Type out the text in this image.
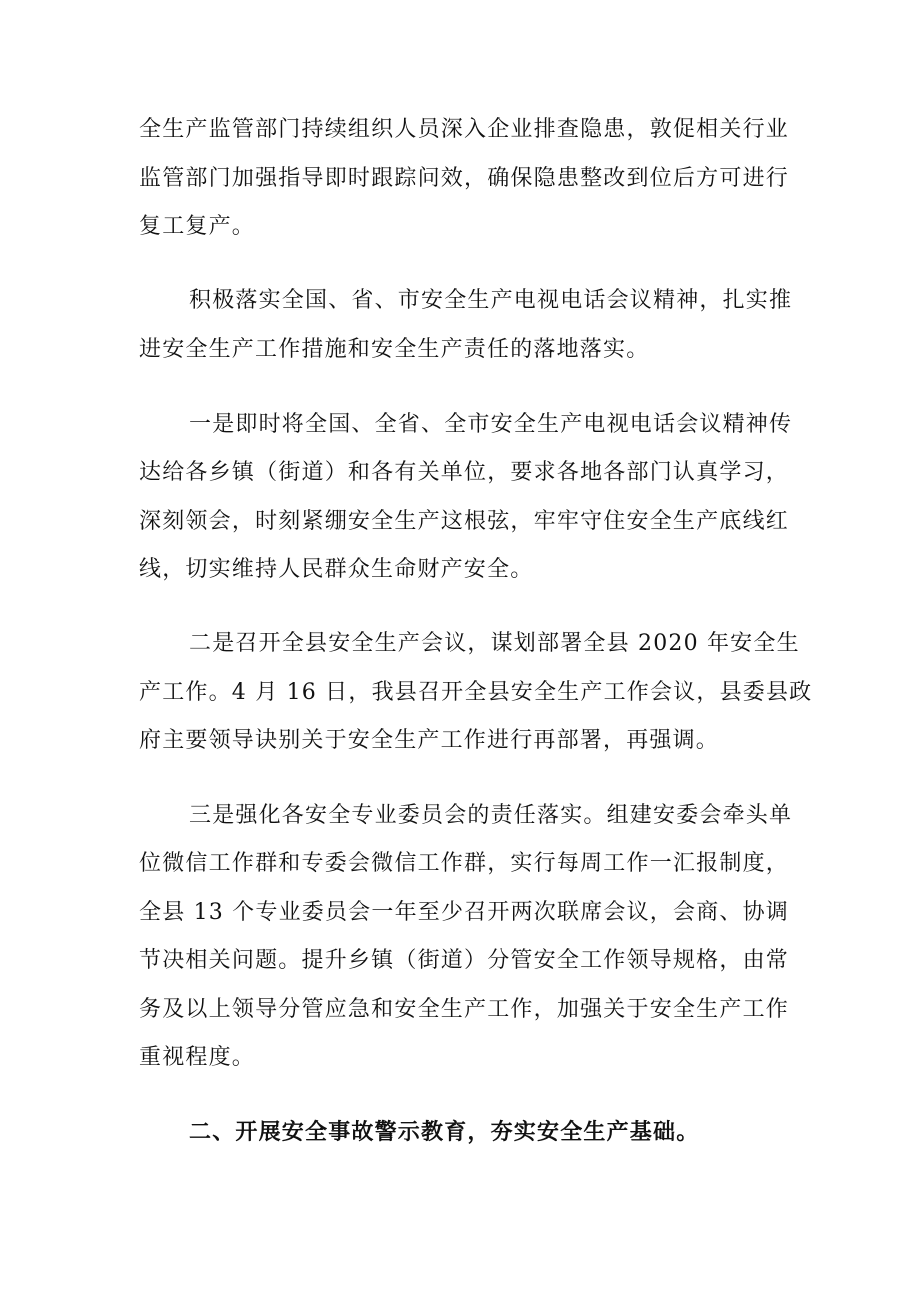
全生产监管部门持续组织人员深入企业排查隐患，敦促相关行业
监管部门加强指导即时跟踪问效，确保隐患整改到位后方可进行
复工复产。
积极落实全国、省、市安全生产电视电话会议精神，扎实推
进安全生产工作措施和安全生产责任的落地落实。
一是即时将全国、全省、全市安全生产电视电话会议精神传
达给各乡镇（街道）和各有关单位，要求各地各部门认真学习，
深刻领会，时刻紧绷安全生产这根弦，牢牢守住安全生产底线红
线，切实维持人民群众生命财产安全。
二是召开全县安全生产会议，谋划部署全县 2020 年安全生
产工作。4 月 16 日，我县召开全县安全生产工作会议，县委县政
府主要领导诀别关于安全生产工作进行再部署，再强调。
三是强化各安全专业委员会的责任落实。组建安委会牵头单
位微信工作群和专委会微信工作群，实行每周工作一汇报制度，
全县 13 个专业委员会一年至少召开两次联席会议，会商、协调
节决相关问题。提升乡镇（街道）分管安全工作领导规格，由常
务及以上领导分管应急和安全生产工作，加强关于安全生产工作
重视程度。
二、开展安全事故警示教育，夯实安全生产基础。
